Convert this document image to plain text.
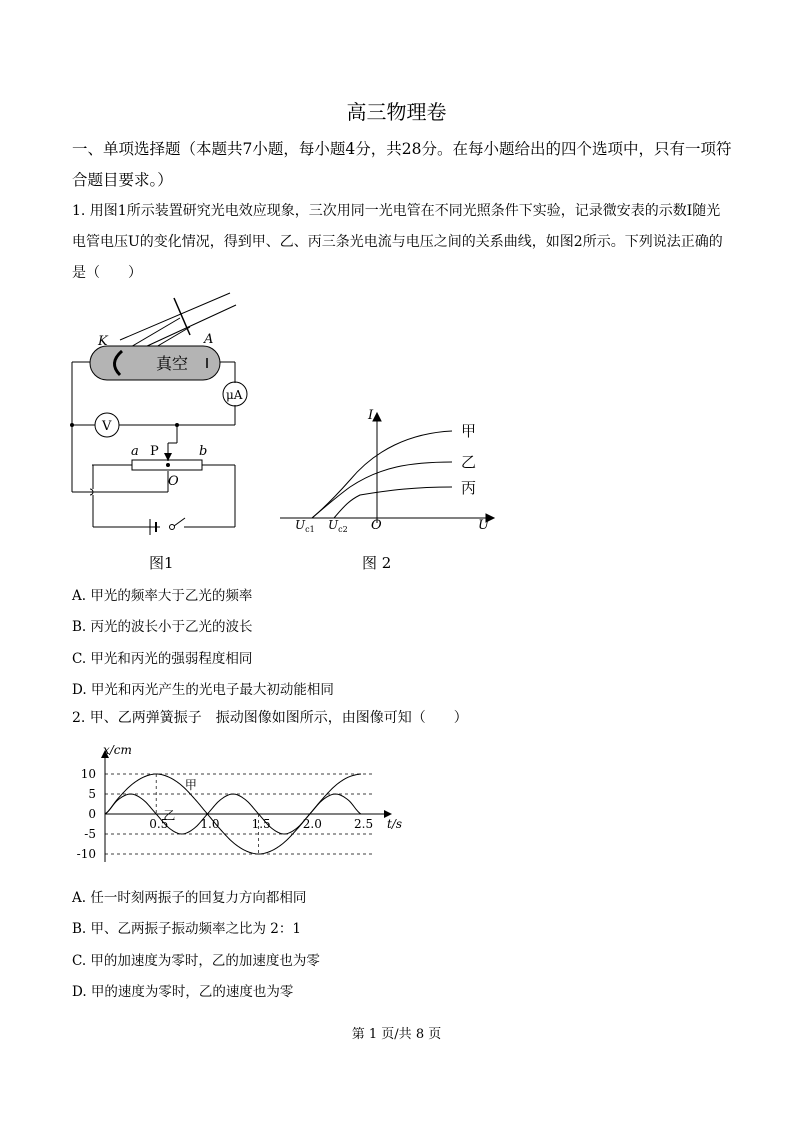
高三物理卷
一、单项选择题（本题共7小题，每小题4分，共28分。在每小题给出的四个选项中，只有一项符合题目要求。）
1. 用图1所示装置研究光电效应现象，三次用同一光电管在不同光照条件下实验，记录微安表的示数I随光电管电压U的变化情况，得到甲、乙、丙三条光电流与电压之间的关系曲线，如图2所示。下列说法正确的是（　　）
K	A
真空
μA
V
a P	b
O
图1
I
U
O
$U_{c1}$ $U_{c2}$
甲
乙
丙
图 2
A. 甲光的频率大于乙光的频率
B. 丙光的波长小于乙光的波长
C. 甲光和丙光的强弱程度相同
D. 甲光和丙光产生的光电子最大初动能相同
2. 甲、乙两弹簧振子　振动图像如图所示，由图像可知（　　）
10
5
0
-5
-10
x/cm
t/s
0.5	1.0	1.5	2.0	2.5
甲
乙
A. 任一时刻两振子的回复力方向都相同
B. 甲、乙两振子振动频率之比为 2：1
C. 甲的加速度为零时，乙的加速度也为零
D. 甲的速度为零时，乙的速度也为零
第 1 页/共 8 页
